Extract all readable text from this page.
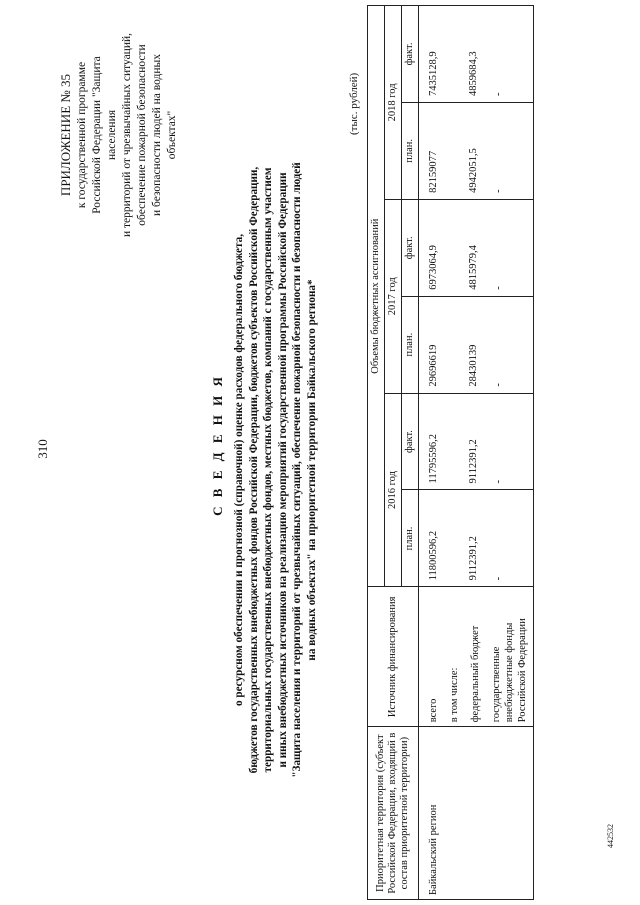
ПРИЛОЖЕНИЕ № 35 к государственной программе Российской Федерации "Защита населения и территорий от чрезвычайных ситуаций, обеспечение пожарной безопасности и безопасности людей на водных объектах"
С В Е Д Е Н И Я о ресурсном обеспечении и прогнозной (справочной) оценке расходов федерального бюджета, бюджетов государственных внебюджетных фондов Российской Федерации, бюджетов субъектов Российской Федерации, территориальных государственных внебюджетных фондов, местных бюджетов, компаний с государственным участием и иных внебюджетных источников на реализацию мероприятий государственной программы Российской Федерации "Защита населения и территорий от чрезвычайных ситуаций, обеспечение пожарной безопасности и безопасности людей на водных объектах" на приоритетной территории Байкальского региона*
(тыс. рублей)
Приоритетная территория (субъект Российской Федерации, входящий в состав приоритетной территории)	Источник финансирования	Объемы бюджетных ассигнований					
		2016 год		2017 год		2018 год	
		план.	факт.	план.	факт.	план.	факт.
Байкальский регион	всего	11800596,2	11795596,2	29696619	6973064,9	82159077	7435128,9
	в том числе:						
	федеральный бюджет	9112391,2	9112391,2	28430139	4815979,4	4942051,5	4859684,3
	государственные внебюджетные фонды Российской Федерации	-	-	-	-	-	-
310
442532
